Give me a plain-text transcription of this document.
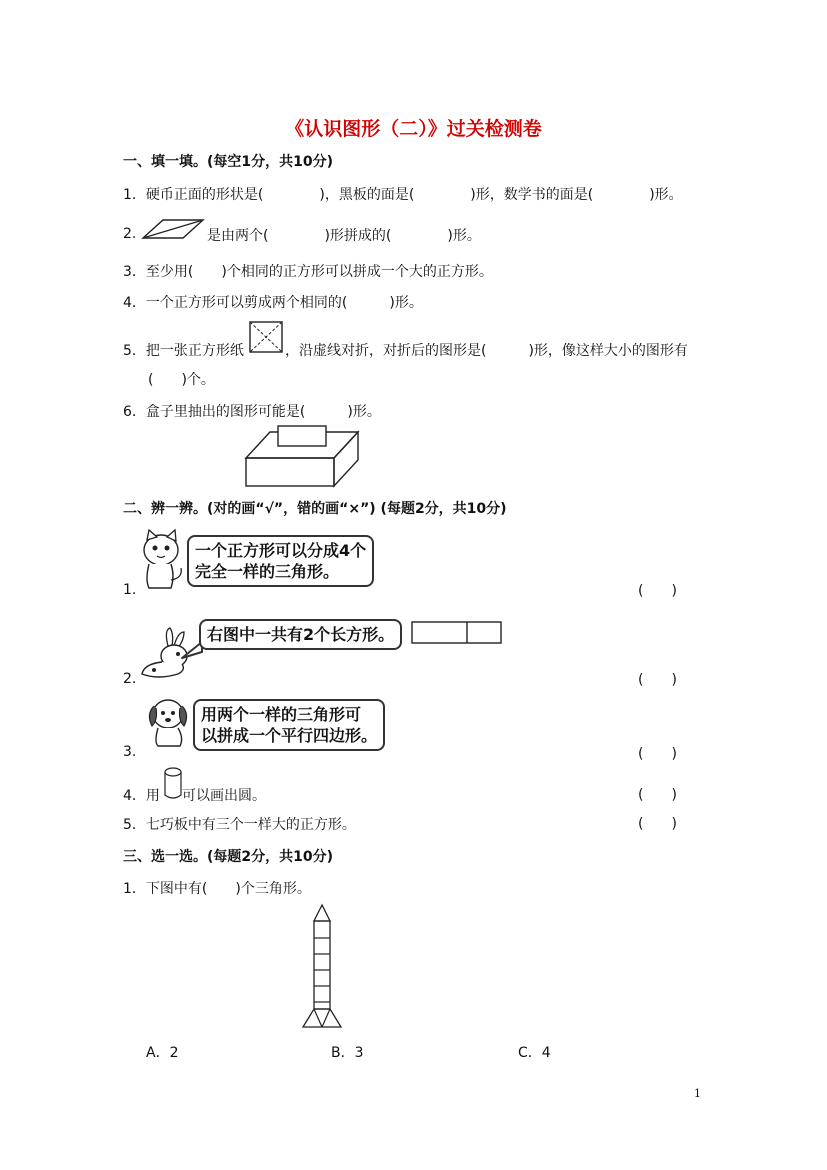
《认识图形（二）》过关检测卷
一、填一填。(每空1分，共10分)
1．硬币正面的形状是(　　　　)，黑板的面是(　　　　)形，数学书的面是(　　　　)形。
2.	是由两个(　　　　)形拼成的(　　　　)形。
3．至少用(　　)个相同的正方形可以拼成一个大的正方形。
4．一个正方形可以剪成两个相同的(　　　)形。
5．把一张正方形纸	，沿虚线对折，对折后的图形是(　　　)形，像这样大小的图形有
(　　)个。
6．盒子里抽出的图形可能是(　　　)形。
二、辨一辨。(对的画“√”，错的画“×”) (每题2分，共10分)
一个正方形可以分成4个
完全一样的三角形。
1.	(　　)
右图中一共有2个长方形。
2.	(　　)
用两个一样的三角形可
以拼成一个平行四边形。
3.	(　　)
4．用 可以画出圆。	(　　)
5．七巧板中有三个一样大的正方形。	(　　)
三、选一选。(每题2分，共10分)
1．下图中有(　　)个三角形。
A．2	B．3	C．4
1
